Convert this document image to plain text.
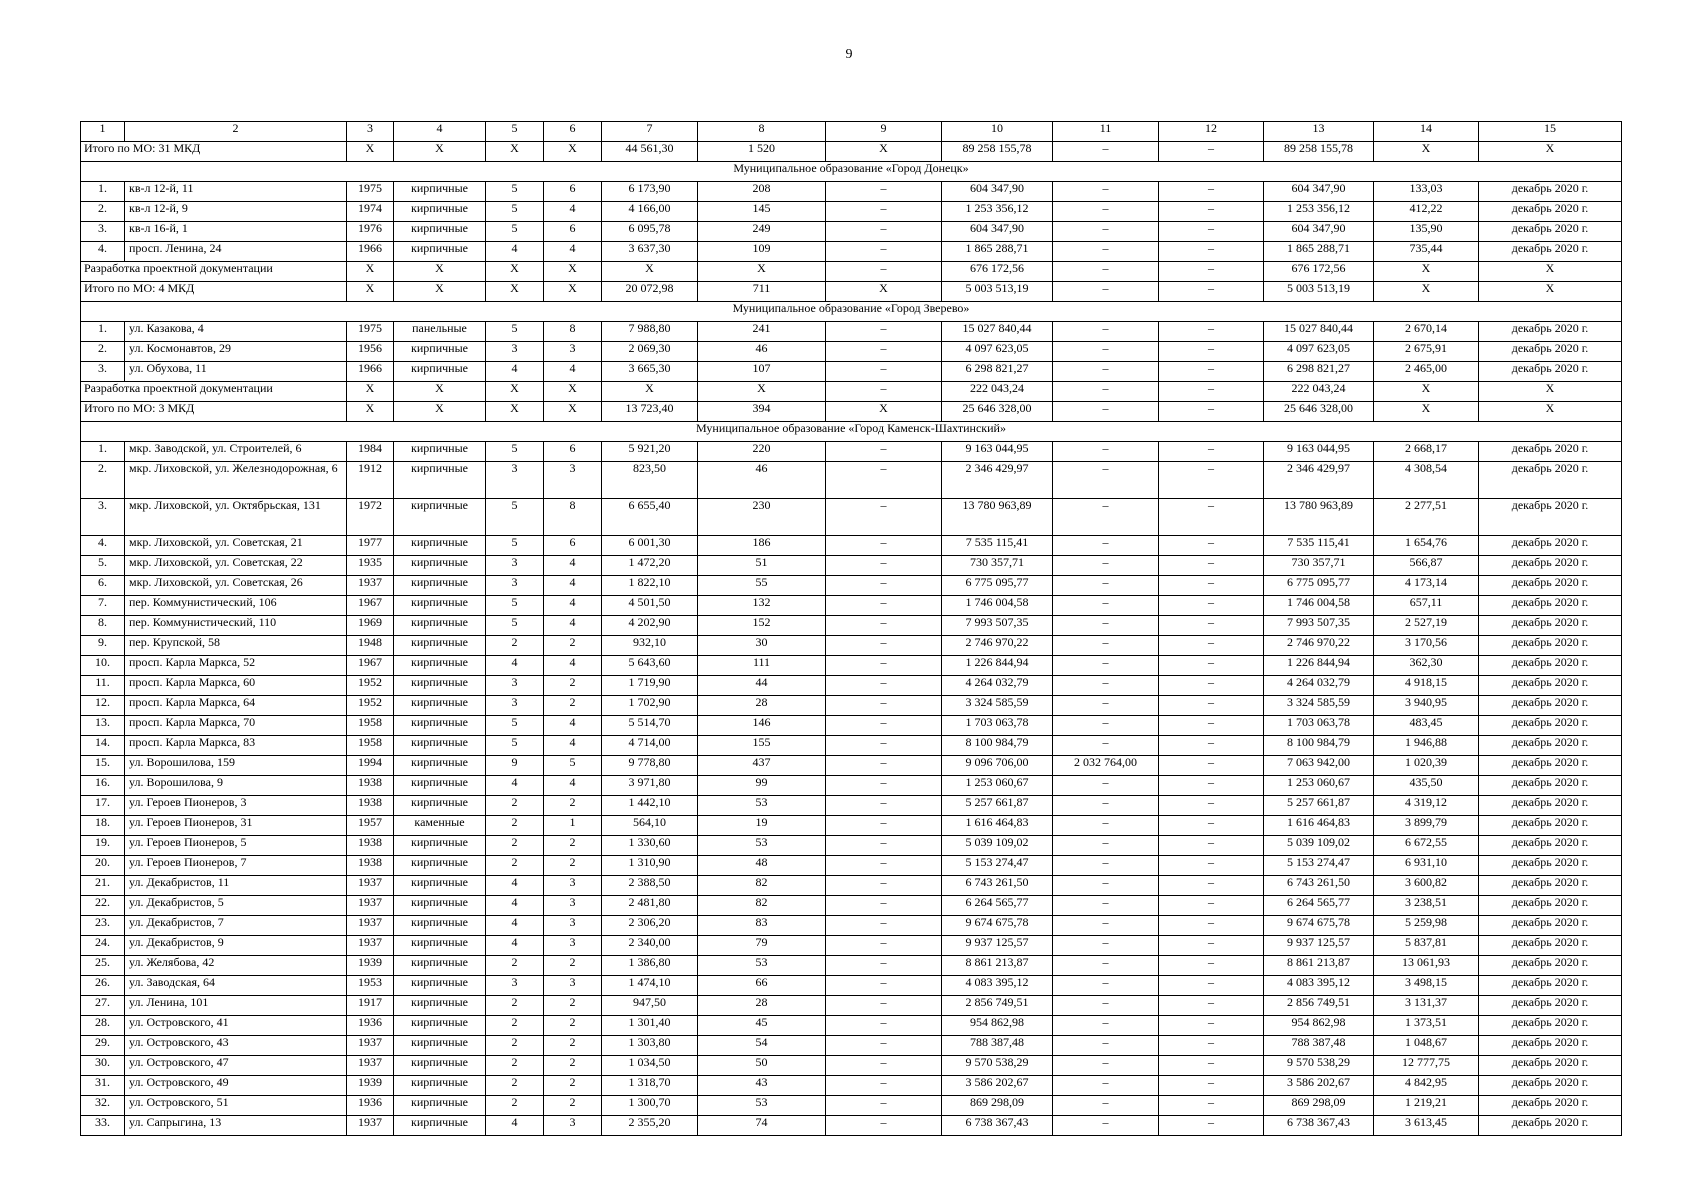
9
1	2	3	4	5	6	7	8	9	10	11	12	13	14	15
Итого по МО: 31 МКД		X	X	X	X	44 561,30	1 520	X	89 258 155,78	–	–	89 258 155,78	X	X
Муниципальное образование «Город Донецк»														
1.	кв-л 12-й, 11	1975	кирпичные	5	6	6 173,90	208	–	604 347,90	–	–	604 347,90	133,03	декабрь 2020 г.
2.	кв-л 12-й, 9	1974	кирпичные	5	4	4 166,00	145	–	1 253 356,12	–	–	1 253 356,12	412,22	декабрь 2020 г.
3.	кв-л 16-й, 1	1976	кирпичные	5	6	6 095,78	249	–	604 347,90	–	–	604 347,90	135,90	декабрь 2020 г.
4.	просп. Ленина, 24	1966	кирпичные	4	4	3 637,30	109	–	1 865 288,71	–	–	1 865 288,71	735,44	декабрь 2020 г.
Разработка проектной документации		X	X	X	X	X	X	–	676 172,56	–	–	676 172,56	X	X
Итого по МО: 4 МКД		X	X	X	X	20 072,98	711	X	5 003 513,19	–	–	5 003 513,19	X	X
Муниципальное образование «Город Зверево»														
1.	ул. Казакова, 4	1975	панельные	5	8	7 988,80	241	–	15 027 840,44	–	–	15 027 840,44	2 670,14	декабрь 2020 г.
2.	ул. Космонавтов, 29	1956	кирпичные	3	3	2 069,30	46	–	4 097 623,05	–	–	4 097 623,05	2 675,91	декабрь 2020 г.
3.	ул. Обухова, 11	1966	кирпичные	4	4	3 665,30	107	–	6 298 821,27	–	–	6 298 821,27	2 465,00	декабрь 2020 г.
Разработка проектной документации		X	X	X	X	X	X	–	222 043,24	–	–	222 043,24	X	X
Итого по МО: 3 МКД		X	X	X	X	13 723,40	394	X	25 646 328,00	–	–	25 646 328,00	X	X
Муниципальное образование «Город Каменск-Шахтинский»														
1.	мкр. Заводской, ул. Строителей, 6	1984	кирпичные	5	6	5 921,20	220	–	9 163 044,95	–	–	9 163 044,95	2 668,17	декабрь 2020 г.
2.	мкр. Лиховской, ул. Железнодорожная, 6	1912	кирпичные	3	3	823,50	46	–	2 346 429,97	–	–	2 346 429,97	4 308,54	декабрь 2020 г.
3.	мкр. Лиховской, ул. Октябрьская, 131	1972	кирпичные	5	8	6 655,40	230	–	13 780 963,89	–	–	13 780 963,89	2 277,51	декабрь 2020 г.
4.	мкр. Лиховской, ул. Советская, 21	1977	кирпичные	5	6	6 001,30	186	–	7 535 115,41	–	–	7 535 115,41	1 654,76	декабрь 2020 г.
5.	мкр. Лиховской, ул. Советская, 22	1935	кирпичные	3	4	1 472,20	51	–	730 357,71	–	–	730 357,71	566,87	декабрь 2020 г.
6.	мкр. Лиховской, ул. Советская, 26	1937	кирпичные	3	4	1 822,10	55	–	6 775 095,77	–	–	6 775 095,77	4 173,14	декабрь 2020 г.
7.	пер. Коммунистический, 106	1967	кирпичные	5	4	4 501,50	132	–	1 746 004,58	–	–	1 746 004,58	657,11	декабрь 2020 г.
8.	пер. Коммунистический, 110	1969	кирпичные	5	4	4 202,90	152	–	7 993 507,35	–	–	7 993 507,35	2 527,19	декабрь 2020 г.
9.	пер. Крупской, 58	1948	кирпичные	2	2	932,10	30	–	2 746 970,22	–	–	2 746 970,22	3 170,56	декабрь 2020 г.
10.	просп. Карла Маркса, 52	1967	кирпичные	4	4	5 643,60	111	–	1 226 844,94	–	–	1 226 844,94	362,30	декабрь 2020 г.
11.	просп. Карла Маркса, 60	1952	кирпичные	3	2	1 719,90	44	–	4 264 032,79	–	–	4 264 032,79	4 918,15	декабрь 2020 г.
12.	просп. Карла Маркса, 64	1952	кирпичные	3	2	1 702,90	28	–	3 324 585,59	–	–	3 324 585,59	3 940,95	декабрь 2020 г.
13.	просп. Карла Маркса, 70	1958	кирпичные	5	4	5 514,70	146	–	1 703 063,78	–	–	1 703 063,78	483,45	декабрь 2020 г.
14.	просп. Карла Маркса, 83	1958	кирпичные	5	4	4 714,00	155	–	8 100 984,79	–	–	8 100 984,79	1 946,88	декабрь 2020 г.
15.	ул. Ворошилова, 159	1994	кирпичные	9	5	9 778,80	437	–	9 096 706,00	2 032 764,00	–	7 063 942,00	1 020,39	декабрь 2020 г.
16.	ул. Ворошилова, 9	1938	кирпичные	4	4	3 971,80	99	–	1 253 060,67	–	–	1 253 060,67	435,50	декабрь 2020 г.
17.	ул. Героев Пионеров, 3	1938	кирпичные	2	2	1 442,10	53	–	5 257 661,87	–	–	5 257 661,87	4 319,12	декабрь 2020 г.
18.	ул. Героев Пионеров, 31	1957	каменные	2	1	564,10	19	–	1 616 464,83	–	–	1 616 464,83	3 899,79	декабрь 2020 г.
19.	ул. Героев Пионеров, 5	1938	кирпичные	2	2	1 330,60	53	–	5 039 109,02	–	–	5 039 109,02	6 672,55	декабрь 2020 г.
20.	ул. Героев Пионеров, 7	1938	кирпичные	2	2	1 310,90	48	–	5 153 274,47	–	–	5 153 274,47	6 931,10	декабрь 2020 г.
21.	ул. Декабристов, 11	1937	кирпичные	4	3	2 388,50	82	–	6 743 261,50	–	–	6 743 261,50	3 600,82	декабрь 2020 г.
22.	ул. Декабристов, 5	1937	кирпичные	4	3	2 481,80	82	–	6 264 565,77	–	–	6 264 565,77	3 238,51	декабрь 2020 г.
23.	ул. Декабристов, 7	1937	кирпичные	4	3	2 306,20	83	–	9 674 675,78	–	–	9 674 675,78	5 259,98	декабрь 2020 г.
24.	ул. Декабристов, 9	1937	кирпичные	4	3	2 340,00	79	–	9 937 125,57	–	–	9 937 125,57	5 837,81	декабрь 2020 г.
25.	ул. Желябова, 42	1939	кирпичные	2	2	1 386,80	53	–	8 861 213,87	–	–	8 861 213,87	13 061,93	декабрь 2020 г.
26.	ул. Заводская, 64	1953	кирпичные	3	3	1 474,10	66	–	4 083 395,12	–	–	4 083 395,12	3 498,15	декабрь 2020 г.
27.	ул. Ленина, 101	1917	кирпичные	2	2	947,50	28	–	2 856 749,51	–	–	2 856 749,51	3 131,37	декабрь 2020 г.
28.	ул. Островского, 41	1936	кирпичные	2	2	1 301,40	45	–	954 862,98	–	–	954 862,98	1 373,51	декабрь 2020 г.
29.	ул. Островского, 43	1937	кирпичные	2	2	1 303,80	54	–	788 387,48	–	–	788 387,48	1 048,67	декабрь 2020 г.
30.	ул. Островского, 47	1937	кирпичные	2	2	1 034,50	50	–	9 570 538,29	–	–	9 570 538,29	12 777,75	декабрь 2020 г.
31.	ул. Островского, 49	1939	кирпичные	2	2	1 318,70	43	–	3 586 202,67	–	–	3 586 202,67	4 842,95	декабрь 2020 г.
32.	ул. Островского, 51	1936	кирпичные	2	2	1 300,70	53	–	869 298,09	–	–	869 298,09	1 219,21	декабрь 2020 г.
33.	ул. Сапрыгина, 13	1937	кирпичные	4	3	2 355,20	74	–	6 738 367,43	–	–	6 738 367,43	3 613,45	декабрь 2020 г.
